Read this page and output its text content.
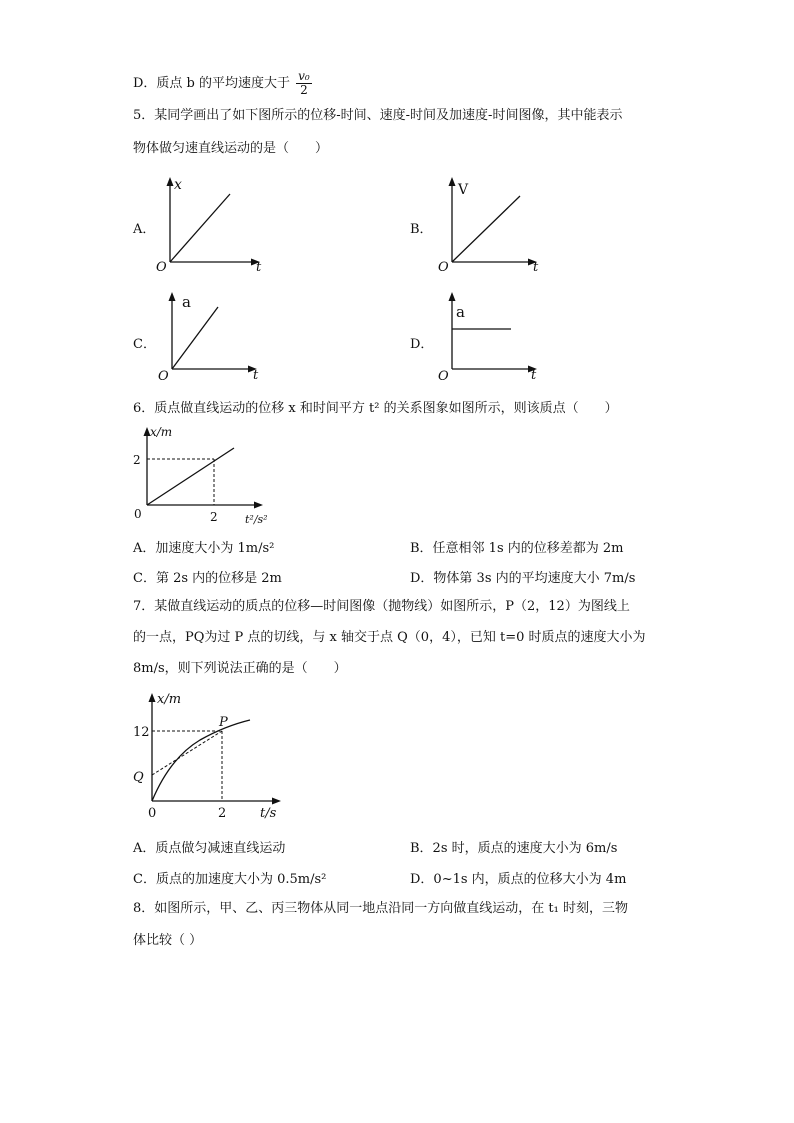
D．质点 b 的平均速度大于 $\frac{\text{v₀}}{2}$
5．某同学画出了如下图所示的位移-时间、速度-时间及加速度-时间图像，其中能表示
物体做匀速直线运动的是（　　）
A．
x
t
O
B．
V
t
O
C．
a
t
O
D．
a
t
O
6．质点做直线运动的位移 x 和时间平方 t² 的关系图象如图所示，则该质点（　　）
x/m
2
2
0	t²/s²
A．加速度大小为 1m/s²	B．任意相邻 1s 内的位移差都为 2m
C．第 2s 内的位移是 2m	D．物体第 3s 内的平均速度大小 7m/s
7．某做直线运动的质点的位移—时间图像（抛物线）如图所示，P（2，12）为图线上
的一点，PQ为过 P 点的切线，与 x 轴交于点 Q（0，4），已知 t=0 时质点的速度大小为
8m/s，则下列说法正确的是（　　）
x/m
12
Q
P
0	2	t/s
A．质点做匀减速直线运动	B．2s 时，质点的速度大小为 6m/s
C．质点的加速度大小为 0.5m/s²	D．0~1s 内，质点的位移大小为 4m
8．如图所示，甲、乙、丙三物体从同一地点沿同一方向做直线运动，在 t₁ 时刻，三物
体比较（ ）
